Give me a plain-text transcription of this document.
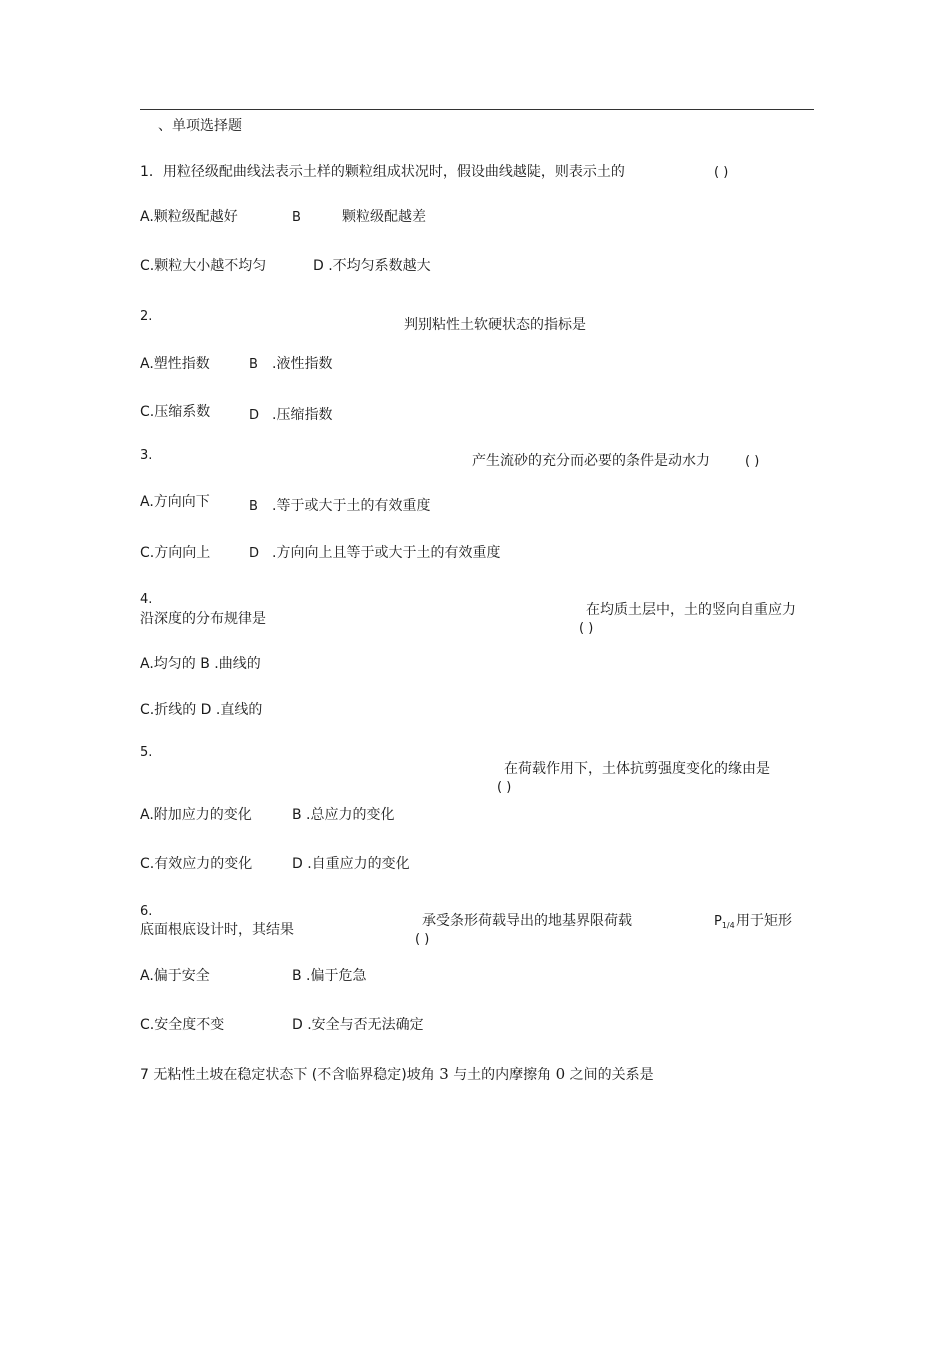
、单项选择题
1．用粒径级配曲线法表示土样的颗粒组成状况时，假设曲线越陡，则表示土的	( )
A.颗粒级配越好	B	颗粒级配越差
C.颗粒大小越不均匀	D .不均匀系数越大
2.
判别粘性土软硬状态的指标是
A.塑性指数	B .液性指数
C.压缩系数	D .压缩指数
3.	产生流砂的充分而必要的条件是动水力	( )
A.方向向下	B .等于或大于土的有效重度
C.方向向上	D .方向向上且等于或大于土的有效重度
4.
在均质土层中，土的竖向自重应力
沿深度的分布规律是
( )
A.均匀的 B .曲线的
C.折线的 D .直线的
5.
在荷载作用下，土体抗剪强度变化的缘由是
( )
A.附加应力的变化	B .总应力的变化
C.有效应力的变化	D .自重应力的变化
6.
承受条形荷载导出的地基界限荷载	$P_{1/4}$ 用于矩形
底面根底设计时，其结果
( )
A.偏于安全	B .偏于危急
C.安全度不变	D .安全与否无法确定
7 无粘性土坡在稳定状态下 (不含临界稳定)坡角 3 与土的内摩擦角 0 之间的关系是
